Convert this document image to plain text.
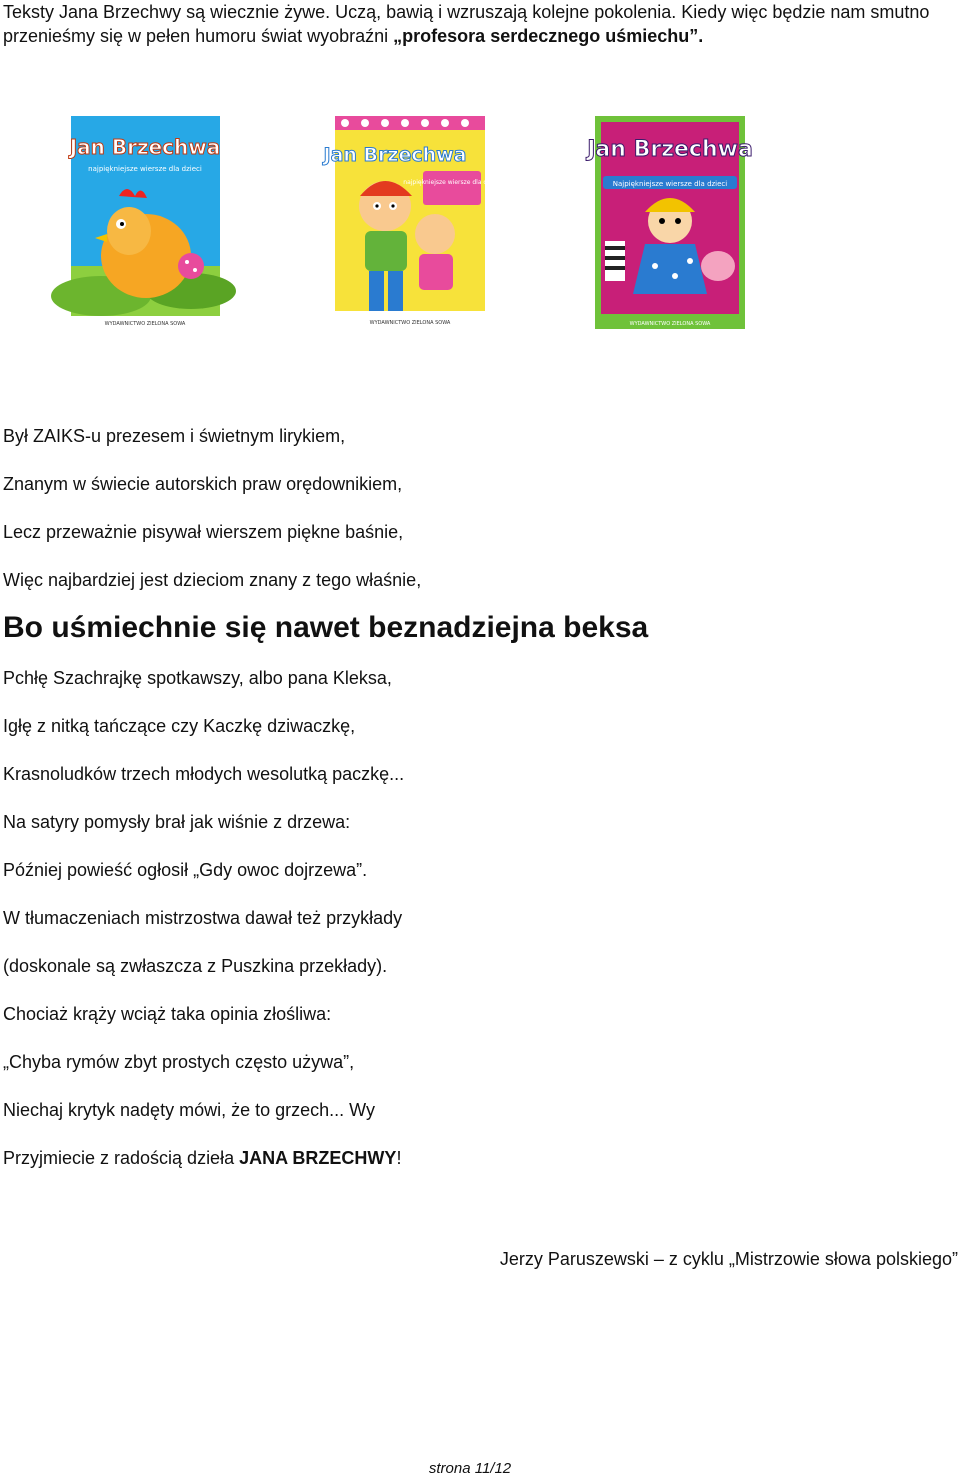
Teksty Jana Brzechwy są wiecznie żywe. Uczą, bawią i wzruszają kolejne pokolenia. Kiedy więc będzie nam smutno przenieśmy się w pełen humoru świat wyobraźni „profesora serdecznego uśmiechu”.
Jan Brzechwa
najpiękniejsze wiersze dla dzieci
WYDAWNICTWO ZIELONA SOWA
Jan Brzechwa
najpiękniejsze wiersze dla dzieci
WYDAWNICTWO ZIELONA SOWA
Jan Brzechwa
Najpiękniejsze wiersze dla dzieci
WYDAWNICTWO ZIELONA SOWA
Był ZAIKS-u prezesem i świetnym lirykiem,
Znanym w świecie autorskich praw orędownikiem,
Lecz przeważnie pisywał wierszem piękne baśnie,
Więc najbardziej jest dzieciom znany z tego właśnie,
Bo uśmiechnie się nawet beznadziejna beksa
Pchłę Szachrajkę spotkawszy, albo pana Kleksa,
Igłę z nitką tańczące czy Kaczkę dziwaczkę,
Krasnoludków trzech młodych wesolutką paczkę...
Na satyry pomysły brał jak wiśnie z drzewa:
Później powieść ogłosił „Gdy owoc dojrzewa”.
W tłumaczeniach mistrzostwa dawał też przykłady
(doskonale są zwłaszcza z Puszkina przekłady).
Chociaż krąży wciąż taka opinia złośliwa:
„Chyba rymów zbyt prostych często używa”,
Niechaj krytyk nadęty mówi, że to grzech... Wy
Przyjmiecie z radością dzieła JANA BRZECHWY!
Jerzy Paruszewski – z cyklu „Mistrzowie słowa polskiego”
strona 11/12
